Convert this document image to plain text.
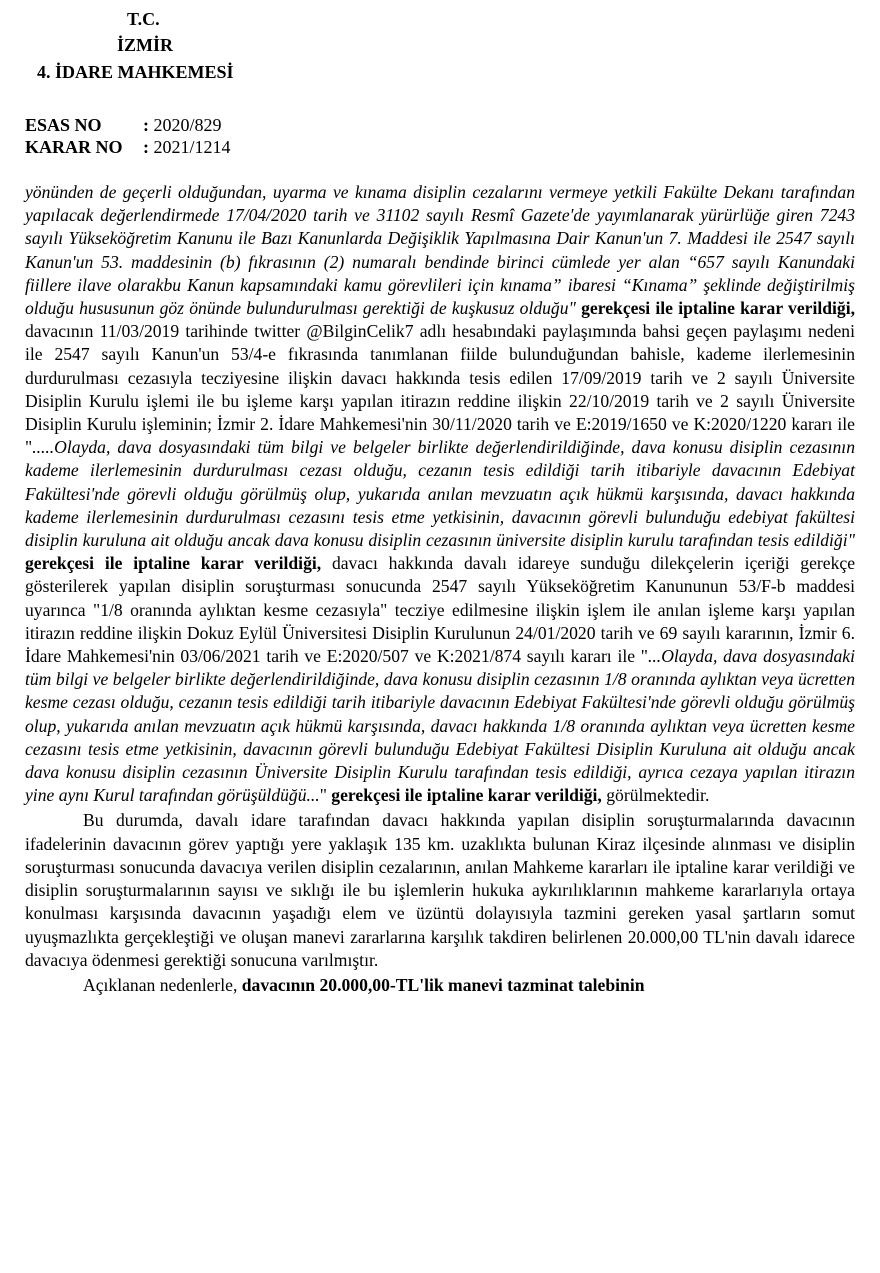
T.C.
İZMİR
4. İDARE MAHKEMESİ
ESAS NO : 2020/829
KARAR NO : 2021/1214

yönünden de geçerli olduğundan, uyarma ve kınama disiplin cezalarını vermeye yetkili Fakülte Dekanı tarafından yapılacak değerlendirmede 17/04/2020 tarih ve 31102 sayılı Resmî Gazete'de yayımlanarak yürürlüğe giren 7243 sayılı Yükseköğretim Kanunu ile Bazı Kanunlarda Değişiklik Yapılmasına Dair Kanun'un 7. Maddesi ile 2547 sayılı Kanun'un 53. maddesinin (b) fıkrasının (2) numaralı bendinde birinci cümlede yer alan “657 sayılı Kanundaki fiillere ilave olarakbu Kanun kapsamındaki kamu görevlileri için kınama” ibaresi “Kınama” şeklinde değiştirilmiş olduğu hususunun göz önünde bulundurulması gerektiği de kuşkusuz olduğu" gerekçesi ile iptaline karar verildiği, davacının 11/03/2019 tarihinde twitter @BilginCelik7 adlı hesabındaki paylaşımında bahsi geçen paylaşımı nedeni ile 2547 sayılı Kanun'un 53/4-e fıkrasında tanımlanan fiilde bulunduğundan bahisle, kademe ilerlemesinin durdurulması cezasıyla tecziyesine ilişkin davacı hakkında tesis edilen 17/09/2019 tarih ve 2 sayılı Üniversite Disiplin Kurulu işlemi ile bu işleme karşı yapılan itirazın reddine ilişkin 22/10/2019 tarih ve 2 sayılı Üniversite Disiplin Kurulu işleminin; İzmir 2. İdare Mahkemesi'nin 30/11/2020 tarih ve E:2019/1650 ve K:2020/1220 kararı ile ".....Olayda, dava dosyasındaki tüm bilgi ve belgeler birlikte değerlendirildiğinde, dava konusu disiplin cezasının kademe ilerlemesinin durdurulması cezası olduğu, cezanın tesis edildiği tarih itibariyle davacının Edebiyat Fakültesi'nde görevli olduğu görülmüş olup, yukarıda anılan mevzuatın açık hükmü karşısında, davacı hakkında kademe ilerlemesinin durdurulması cezasını tesis etme yetkisinin, davacının görevli bulunduğu edebiyat fakültesi disiplin kuruluna ait olduğu ancak dava konusu disiplin cezasının üniversite disiplin kurulu tarafından tesis edildiği" gerekçesi ile iptaline karar verildiği, davacı hakkında davalı idareye sunduğu dilekçelerin içeriği gerekçe gösterilerek yapılan disiplin soruşturması sonucunda 2547 sayılı Yükseköğretim Kanununun 53/F-b maddesi uyarınca "1/8 oranında aylıktan kesme cezasıyla" tecziye edilmesine ilişkin işlem ile anılan işleme karşı yapılan itirazın reddine ilişkin Dokuz Eylül Üniversitesi Disiplin Kurulunun 24/01/2020 tarih ve 69 sayılı kararının, İzmir 6. İdare Mahkemesi'nin 03/06/2021 tarih ve E:2020/507 ve K:2021/874 sayılı kararı ile "...Olayda, dava dosyasındaki tüm bilgi ve belgeler birlikte değerlendirildiğinde, dava konusu disiplin cezasının 1/8 oranında aylıktan veya ücretten kesme cezası olduğu, cezanın tesis edildiği tarih itibariyle davacının Edebiyat Fakültesi'nde görevli olduğu görülmüş olup, yukarıda anılan mevzuatın açık hükmü karşısında, davacı hakkında 1/8 oranında aylıktan veya ücretten kesme cezasını tesis etme yetkisinin, davacının görevli bulunduğu Edebiyat Fakültesi Disiplin Kuruluna ait olduğu ancak dava konusu disiplin cezasının Üniversite Disiplin Kurulu tarafından tesis edildiği, ayrıca cezaya yapılan itirazın yine aynı Kurul tarafından görüşüldüğü..." gerekçesi ile iptaline karar verildiği, görülmektedir.

Bu durumda, davalı idare tarafından davacı hakkında yapılan disiplin soruşturmalarında davacının ifadelerinin davacının görev yaptığı yere yaklaşık 135 km. uzaklıkta bulunan Kiraz ilçesinde alınması ve disiplin soruşturması sonucunda davacıya verilen disiplin cezalarının, anılan Mahkeme kararları ile iptaline karar verildiği ve disiplin soruşturmalarının sayısı ve sıklığı ile bu işlemlerin hukuka aykırılıklarının mahkeme kararlarıyla ortaya konulması karşısında davacının yaşadığı elem ve üzüntü dolayısıyla tazmini gereken yasal şartların somut uyuşmazlıkta gerçekleştiği ve oluşan manevi zararlarına karşılık takdiren belirlenen 20.000,00 TL'nin davalı idarece davacıya ödenmesi gerektiği sonucuna varılmıştır.

Açıklanan nedenlerle, davacının 20.000,00-TL'lik manevi tazminat talebinin
